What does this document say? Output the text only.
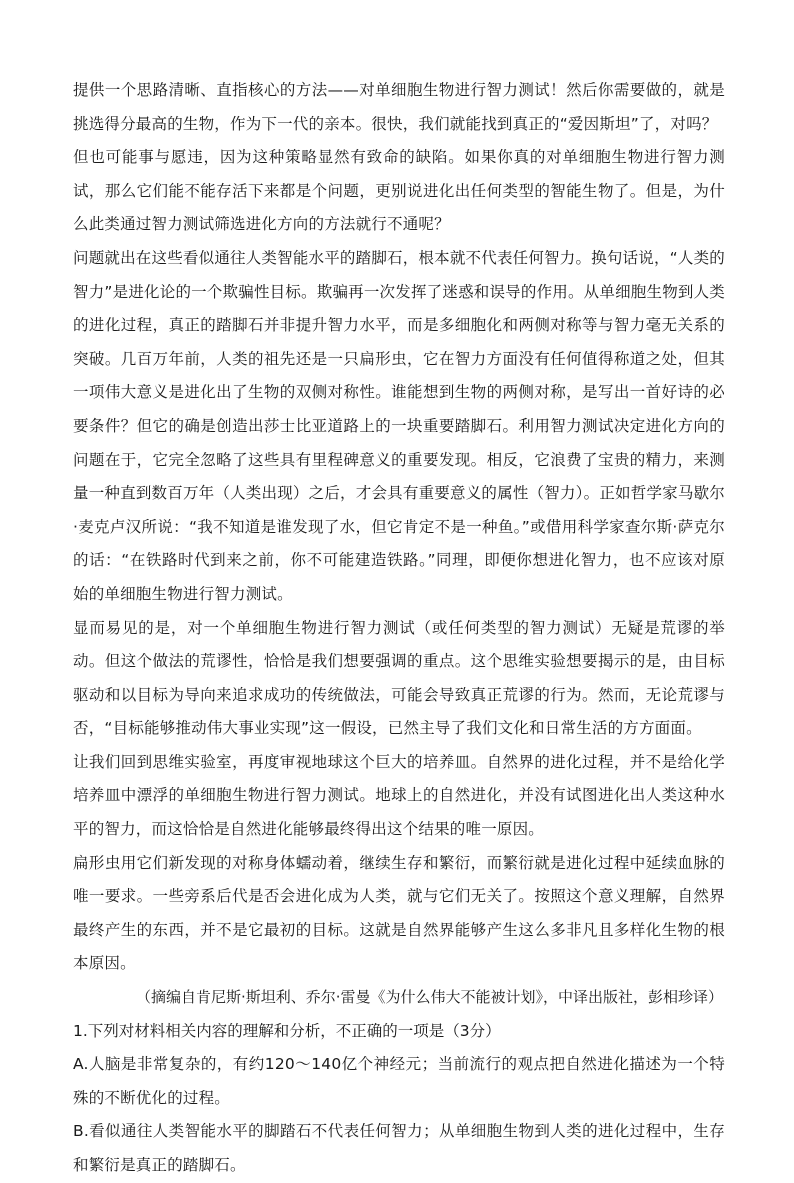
提供一个思路清晰、直指核心的方法——对单细胞生物进行智力测试！然后你需要做的，就是挑选得分最高的生物，作为下一代的亲本。很快，我们就能找到真正的“爱因斯坦”了，对吗？

但也可能事与愿违，因为这种策略显然有致命的缺陷。如果你真的对单细胞生物进行智力测试，那么它们能不能存活下来都是个问题，更别说进化出任何类型的智能生物了。但是，为什么此类通过智力测试筛选进化方向的方法就行不通呢？

问题就出在这些看似通往人类智能水平的踏脚石，根本就不代表任何智力。换句话说，“人类的智力”是进化论的一个欺骗性目标。欺骗再一次发挥了迷惑和误导的作用。从单细胞生物到人类的进化过程，真正的踏脚石并非提升智力水平，而是多细胞化和两侧对称等与智力毫无关系的突破。几百万年前，人类的祖先还是一只扁形虫，它在智力方面没有任何值得称道之处，但其一项伟大意义是进化出了生物的双侧对称性。谁能想到生物的两侧对称，是写出一首好诗的必要条件？但它的确是创造出莎士比亚道路上的一块重要踏脚石。利用智力测试决定进化方向的问题在于，它完全忽略了这些具有里程碑意义的重要发现。相反，它浪费了宝贵的精力，来测量一种直到数百万年（人类出现）之后，才会具有重要意义的属性（智力）。正如哲学家马歇尔·麦克卢汉所说：“我不知道是谁发现了水，但它肯定不是一种鱼。”或借用科学家查尔斯·萨克尔的话：“在铁路时代到来之前，你不可能建造铁路。”同理，即便你想进化智力，也不应该对原始的单细胞生物进行智力测试。

显而易见的是，对一个单细胞生物进行智力测试（或任何类型的智力测试）无疑是荒谬的举动。但这个做法的荒谬性，恰恰是我们想要强调的重点。这个思维实验想要揭示的是，由目标驱动和以目标为导向来追求成功的传统做法，可能会导致真正荒谬的行为。然而，无论荒谬与否，“目标能够推动伟大事业实现”这一假设，已然主导了我们文化和日常生活的方方面面。

让我们回到思维实验室，再度审视地球这个巨大的培养皿。自然界的进化过程，并不是给化学培养皿中漂浮的单细胞生物进行智力测试。地球上的自然进化，并没有试图进化出人类这种水平的智力，而这恰恰是自然进化能够最终得出这个结果的唯一原因。

扁形虫用它们新发现的对称身体蠕动着，继续生存和繁衍，而繁衍就是进化过程中延续血脉的唯一要求。一些旁系后代是否会进化成为人类，就与它们无关了。按照这个意义理解，自然界最终产生的东西，并不是它最初的目标。这就是自然界能够产生这么多非凡且多样化生物的根本原因。

（摘编自肯尼斯·斯坦利、乔尔·雷曼《为什么伟大不能被计划》，中译出版社，彭相珍译）

1.下列对材料相关内容的理解和分析，不正确的一项是（3分）

A.人脑是非常复杂的，有约120～140亿个神经元；当前流行的观点把自然进化描述为一个特殊的不断优化的过程。

B.看似通往人类智能水平的脚踏石不代表任何智力；从单细胞生物到人类的进化过程中，生存和繁衍是真正的踏脚石。
